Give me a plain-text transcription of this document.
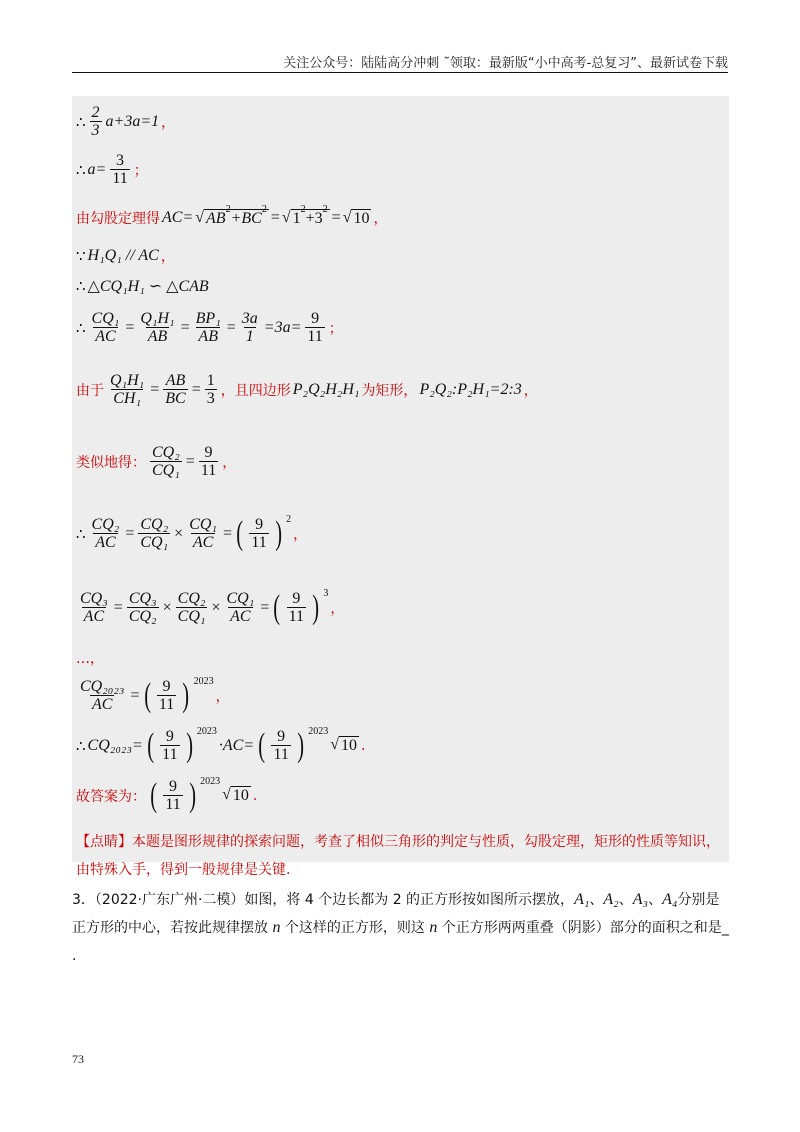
关注公众号：陆陆高分冲刺 ˜领取：最新版“小中高考-总复习”、最新试卷下载
∴ $\frac{2}{3} a+3a=1$ ，
∴ $a= \frac{3}{11}$ ；
由勾股定理得 AC= √ $AB^2+BC^2$ = √ $1^2+3^2$ = √ 10 ，
∵ H₁Q₁ // AC ，
∴ △CQ₁H₁ ∽ △CAB
∴ $\frac{\text{CQ₁}}{AC} = \frac{\text{Q₁H₁}}{AB} = \frac{\text{BP₁}}{AB} = \frac{3a}{1} =3a= \frac{9}{11}$ ；
由于 $\frac{\text{Q₁H₁}}{\text{CH₁}} = \frac{AB}{BC} = \frac{1}{3}$ ，且四边形 P₂Q₂H₂H₁ 为矩形， P₂Q₂:P₂H₁=2:3 ，
类似地得： $\frac{\text{CQ₂}}{\text{CQ₁}} = \frac{9}{11}$ ，
∴ $\frac{\text{CQ₂}}{AC} = \frac{\text{CQ₂}}{\text{CQ₁}} \times \frac{\text{CQ₁}}{AC}$ = ( $\frac{9}{11}$ ) $^2$
，
$\frac{\text{CQ₃}}{AC} = \frac{\text{CQ₃}}{\text{CQ₂}} \times \frac{\text{CQ₂}}{\text{CQ₁}} \times \frac{\text{CQ₁}}{AC}$ = ( $\frac{9}{11}$ ) $^3$
，
…，
$\frac{\text{CQ₂₀₂₃}}{AC}$ = ( $\frac{9}{11}$ ) $^{2023}$
，
∴ CQ₂₀₂₃= ( $\frac{9}{11}$ ) $^{2023}$
·AC= ( $\frac{9}{11}$ ) $^{2023}$
√ 10 .
故答案为： ( $\frac{9}{11}$ ) $^{2023}$
√ 10 .
【点睛】本题是图形规律的探索问题，考查了相似三角形的判定与性质，勾股定理，矩形的性质等知识，由特殊入手，得到一般规律是关键.
3．（2022·广东广州·二模）如图，将 4 个边长都为 2 的正方形按如图所示摆放，A₁、A₂、A₃、A₄分别是正方形的中心，若按此规律摆放 n 个这样的正方形，则这 n 个正方形两两重叠（阴影）部分的面积之和是_
.
73
